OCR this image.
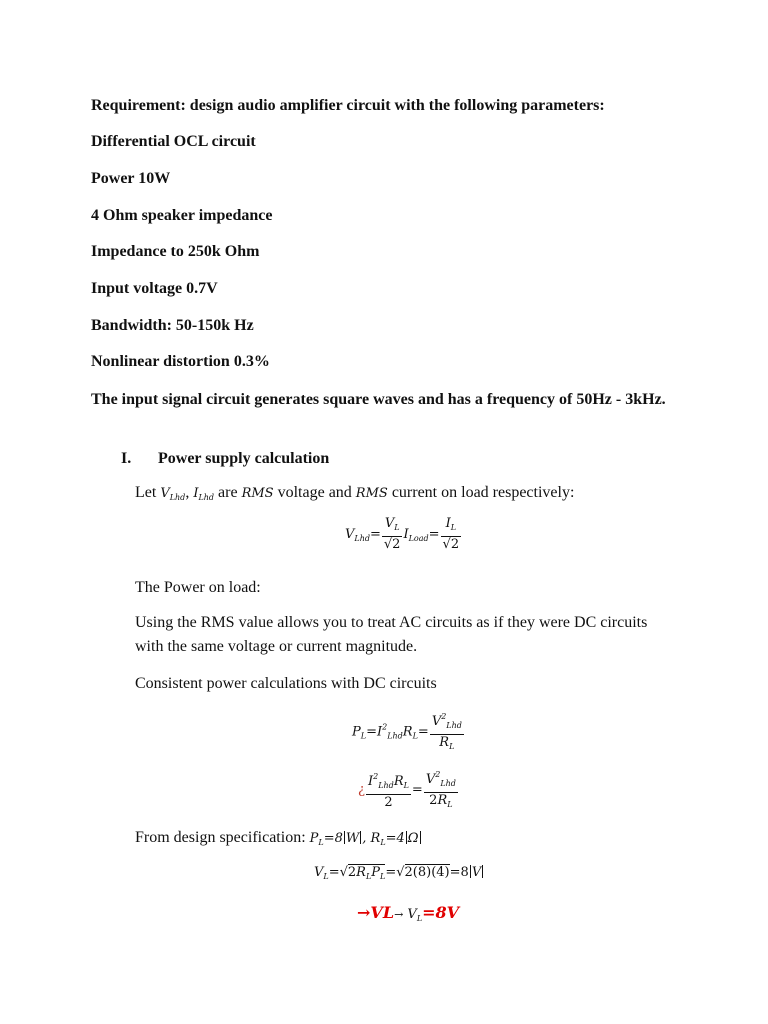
Requirement: design audio amplifier circuit with the following parameters:
Differential OCL circuit
Power 10W
4 Ohm speaker impedance
Impedance to 250k Ohm
Input voltage 0.7V
Bandwidth: 50-150k Hz
Nonlinear distortion 0.3%
The input signal circuit generates square waves and has a frequency of 50Hz - 3kHz.
I. Power supply calculation
Let $V_{Lhd}$, $I_{Lhd}$ are RMS voltage and RMS current on load respectively:
$V_{Lhd}= \frac{V_L}{√2} I_{Load}= \frac{I_L}{√2}$
The Power on load:
Using the RMS value allows you to treat AC circuits as if they were DC circuits with the same voltage or current magnitude.
Consistent power calculations with DC circuits
$P_L=I^2_{Lhd}R_L= \frac{V^2_{Lhd}}{R_L}$
¿ $\frac{I^2_{Lhd}R_L}{2} = \frac{V^2_{Lhd}}{2R_L}$
From design specification: $P_L=8$ W , $R_L=4$ Ω
$V_L=√2R_LP_L=√2(8)(4)=8$ V
$\to VL\to V_L=8V$
